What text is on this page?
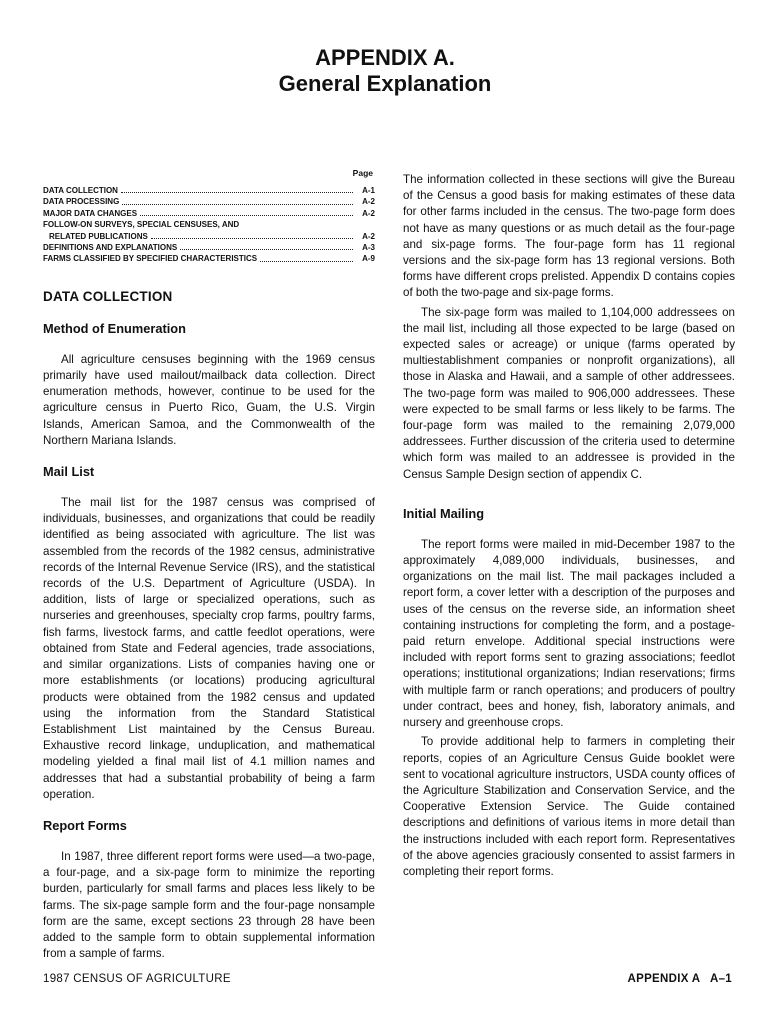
APPENDIX A.
General Explanation
Page
DATA COLLECTION	A-1
DATA PROCESSING	A-2
MAJOR DATA CHANGES	A-2
FOLLOW-ON SURVEYS, SPECIAL CENSUSES, AND
RELATED PUBLICATIONS	A-2
DEFINITIONS AND EXPLANATIONS	A-3
FARMS CLASSIFIED BY SPECIFIED CHARACTERISTICS	A-9
DATA COLLECTION
Method of Enumeration

All agriculture censuses beginning with the 1969 census primarily have used mailout/mailback data collection. Direct enumeration methods, however, continue to be used for the agriculture census in Puerto Rico, Guam, the U.S. Virgin Islands, American Samoa, and the Commonwealth of the Northern Mariana Islands.

Mail List

The mail list for the 1987 census was comprised of individuals, businesses, and organizations that could be readily identified as being associated with agriculture. The list was assembled from the records of the 1982 census, administrative records of the Internal Revenue Service (IRS), and the statistical records of the U.S. Department of Agriculture (USDA). In addition, lists of large or specialized operations, such as nurseries and greenhouses, specialty crop farms, poultry farms, fish farms, livestock farms, and cattle feedlot operations, were obtained from State and Federal agencies, trade associations, and similar organizations. Lists of companies having one or more establishments (or locations) producing agricultural products were obtained from the 1982 census and updated using the information from the Standard Statistical Establishment List maintained by the Census Bureau. Exhaustive record linkage, unduplication, and mathematical modeling yielded a final mail list of 4.1 million names and addresses that had a substantial probability of being a farm operation.

Report Forms

In 1987, three different report forms were used—a two-page, a four-page, and a six-page form to minimize the reporting burden, particularly for small farms and places less likely to be farms. The six-page sample form and the four-page nonsample form are the same, except sections 23 through 28 have been added to the sample form to obtain supplemental information from a sample of farms.

The information collected in these sections will give the Bureau of the Census a good basis for making estimates of these data for other farms included in the census. The two-page form does not have as many questions or as much detail as the four-page and six-page forms. The four-page form has 11 regional versions and the six-page form has 13 regional versions. Both forms have different crops prelisted. Appendix D contains copies of both the two-page and six-page forms.

The six-page form was mailed to 1,104,000 addressees on the mail list, including all those expected to be large (based on expected sales or acreage) or unique (farms operated by multiestablishment companies or nonprofit organizations), all those in Alaska and Hawaii, and a sample of other addressees. The two-page form was mailed to 906,000 addressees. These were expected to be small farms or less likely to be farms. The four-page form was mailed to the remaining 2,079,000 addressees. Further discussion of the criteria used to determine which form was mailed to an addressee is provided in the Census Sample Design section of appendix C.

Initial Mailing

The report forms were mailed in mid-December 1987 to the approximately 4,089,000 individuals, businesses, and organizations on the mail list. The mail packages included a report form, a cover letter with a description of the purposes and uses of the census on the reverse side, an information sheet containing instructions for completing the form, and a postage-paid return envelope. Additional special instructions were included with report forms sent to grazing associations; feedlot operations; institutional organizations; Indian reservations; firms with multiple farm or ranch operations; and producers of poultry under contract, bees and honey, fish, laboratory animals, and nursery and greenhouse crops.

To provide additional help to farmers in completing their reports, copies of an Agriculture Census Guide booklet were sent to vocational agriculture instructors, USDA county offices of the Agriculture Stabilization and Conservation Service, and the Cooperative Extension Service. The Guide contained descriptions and definitions of various items in more detail than the instructions included with each report form. Representatives of the above agencies graciously consented to assist farmers in completing their report forms.

1987 CENSUS OF AGRICULTURE	APPENDIX A   A–1
